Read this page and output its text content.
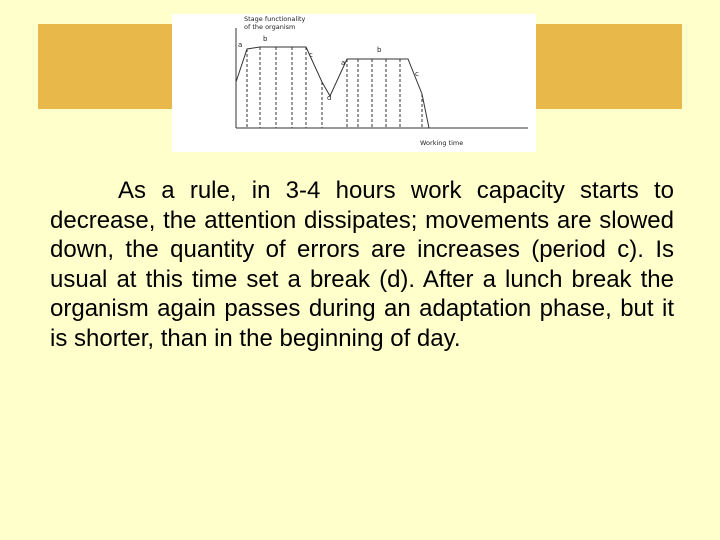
Stage functionality
of the organism
a
b
c
d
a
b
c
Working time

As a rule, in 3-4 hours work capacity starts to decrease, the attention dissipates; movements are slowed down, the quantity of errors are increases (period c). Is usual at this time set a break (d). After a lunch break the organism again passes during an adaptation phase, but it is shorter, than in the beginning of day.
